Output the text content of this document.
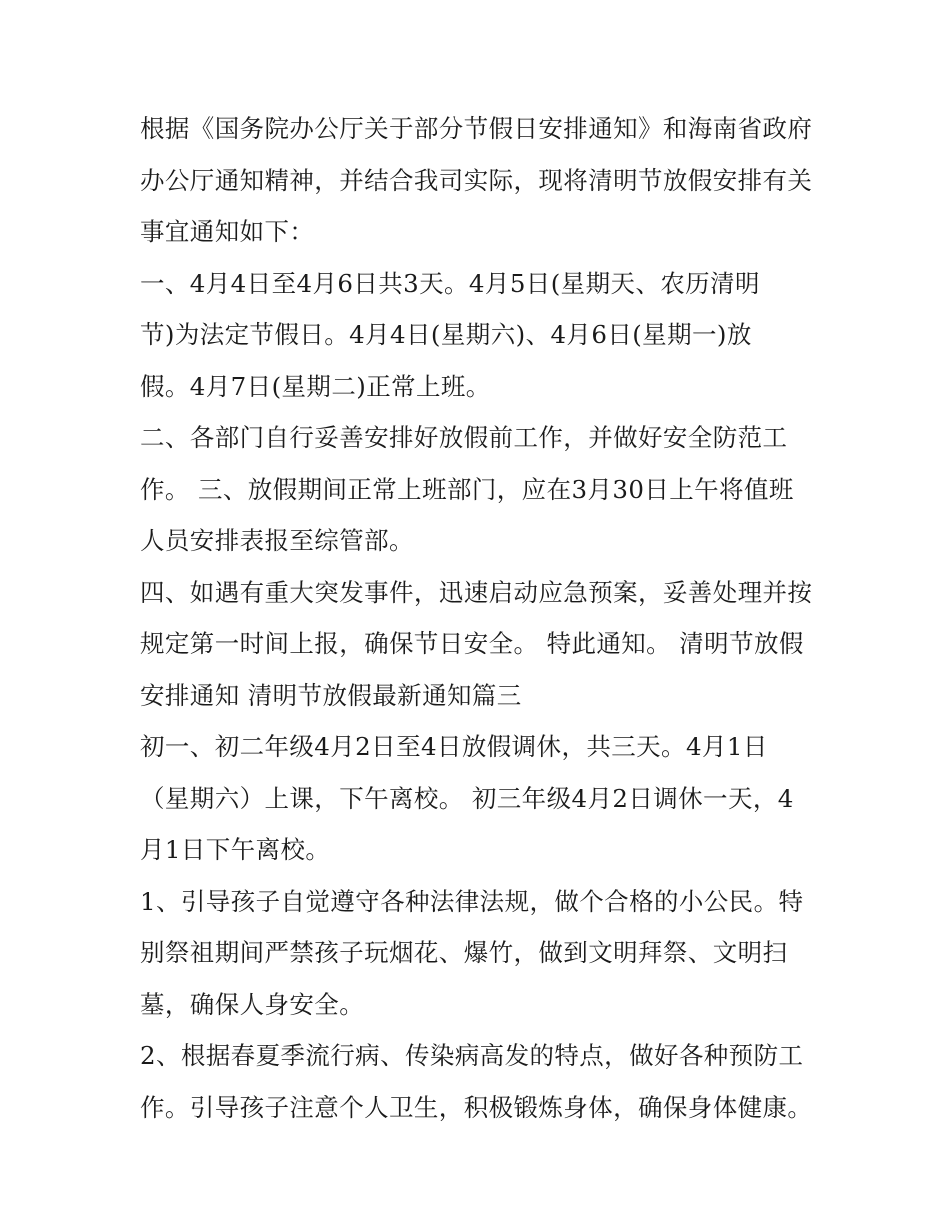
根据《国务院办公厅关于部分节假日安排通知》和海南省政府
办公厅通知精神，并结合我司实际，现将清明节放假安排有关
事宜通知如下：
一、4月4日至4月6日共3天。4月5日(星期天、农历清明
节)为法定节假日。4月4日(星期六)、4月6日(星期一)放
假。4月7日(星期二)正常上班。
二、各部门自行妥善安排好放假前工作，并做好安全防范工
作。 三、放假期间正常上班部门，应在3月30日上午将值班
人员安排表报至综管部。
四、如遇有重大突发事件，迅速启动应急预案，妥善处理并按
规定第一时间上报，确保节日安全。 特此通知。 清明节放假
安排通知 清明节放假最新通知篇三
初一、初二年级4月2日至4日放假调休，共三天。4月1日
（星期六）上课，下午离校。 初三年级4月2日调休一天，4
月1日下午离校。
1、引导孩子自觉遵守各种法律法规，做个合格的小公民。特
别祭祖期间严禁孩子玩烟花、爆竹，做到文明拜祭、文明扫
墓，确保人身安全。
2、根据春夏季流行病、传染病高发的特点，做好各种预防工
作。引导孩子注意个人卫生，积极锻炼身体，确保身体健康。
